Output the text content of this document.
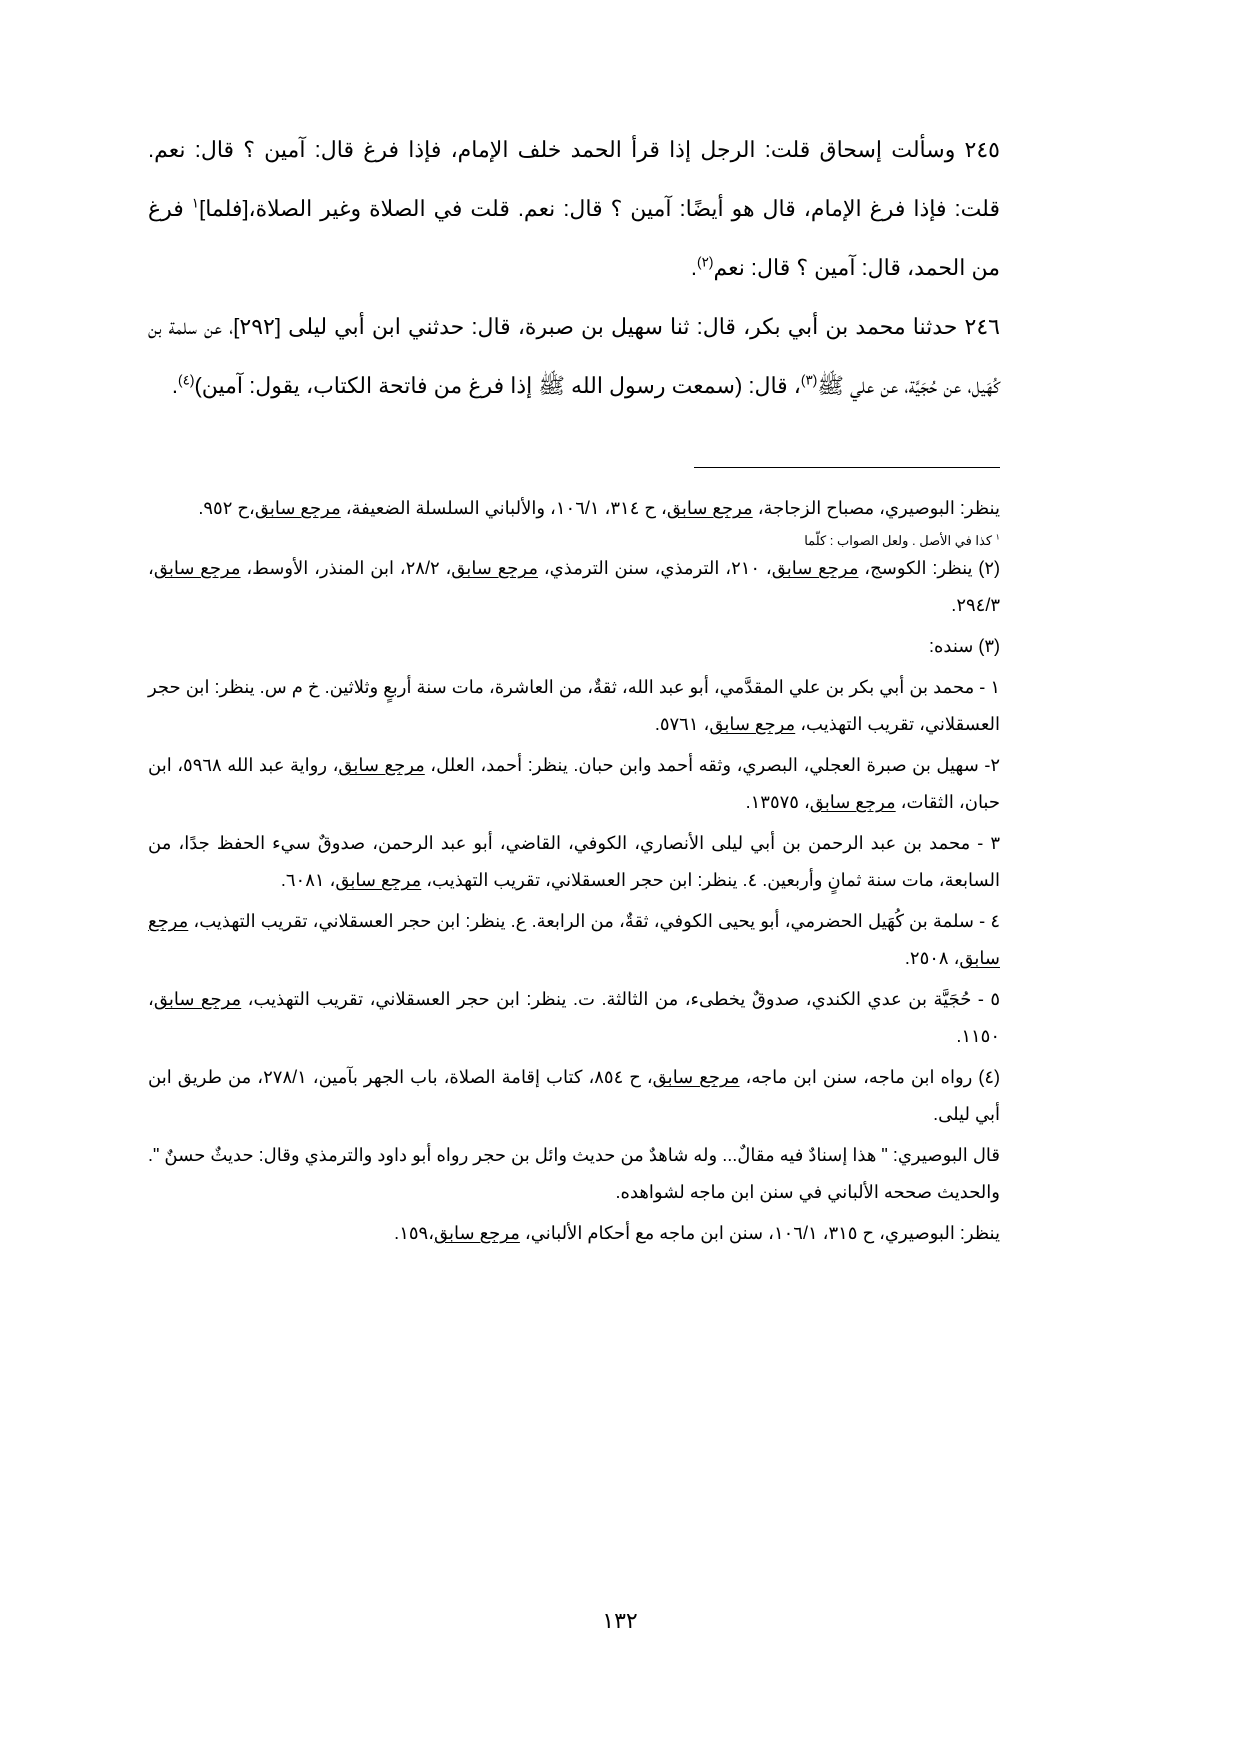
٢٤٥ وسألت إسحاق قلت: الرجل إذا قرأ الحمد خلف الإمام، فإذا فرغ قال: آمين ؟ قال: نعم. قلت: فإذا فرغ الإمام، قال هو أيضًا: آمين ؟ قال: نعم. قلت في الصلاة وغير الصلاة،[فلما]$^١$ فرغ من الحمد، قال: آمين ؟ قال: نعم$^{(٢)}$.

٢٤٦ حدثنا محمد بن أبي بكر، قال: ثنا سهيل بن صبرة، قال: حدثني ابن أبي ليلى [٢٩٢]، عن سلمة بن كُهَيل، عن حُجَيَّة، عن علي ﷺ$^{(٣)}$، قال: (سمعت رسول الله ﷺ إذا فرغ من فاتحة الكتاب، يقول: آمين)$^{(٤)}$.

ينظر: البوصيري، مصباح الزجاجة، مرجع سابق، ح ٣١٤، ١٠٦/١، والألباني السلسلة الضعيفة، مرجع سابق،ح ٩٥٢.

$^١$ كذا في الأصل . ولعل الصواب : كلّما

(٢) ينظر: الكوسج، مرجع سابق، ٢١٠، الترمذي، سنن الترمذي، مرجع سابق، ٢٨/٢، ابن المنذر، الأوسط، مرجع سابق، ٢٩٤/٣.

(٣) سنده:

١ - محمد بن أبي بكر بن علي المقدَّمي، أبو عبد الله، ثقةٌ، من العاشرة، مات سنة أربعٍ وثلاثين. خ م س. ينظر: ابن حجر العسقلاني، تقريب التهذيب، مرجع سابق، ٥٧٦١.

٢- سهيل بن صبرة العجلي، البصري، وثقه أحمد وابن حبان. ينظر: أحمد، العلل، مرجع سابق، رواية عبد الله ٥٩٦٨، ابن حبان، الثقات، مرجع سابق، ١٣٥٧٥.

٣ - محمد بن عبد الرحمن بن أبي ليلى الأنصاري، الكوفي، القاضي، أبو عبد الرحمن، صدوقٌ سيء الحفظ جدًا، من السابعة، مات سنة ثمانٍ وأربعين. ٤. ينظر: ابن حجر العسقلاني، تقريب التهذيب، مرجع سابق، ٦٠٨١.

٤ - سلمة بن كُهَيل الحضرمي، أبو يحيى الكوفي، ثقةٌ، من الرابعة. ع. ينظر: ابن حجر العسقلاني، تقريب التهذيب، مرجع سابق، ٢٥٠٨.

٥ - حُجَيَّة بن عدي الكندي، صدوقٌ يخطىء، من الثالثة. ت. ينظر: ابن حجر العسقلاني، تقريب التهذيب، مرجع سابق، ١١٥٠.

(٤) رواه ابن ماجه، سنن ابن ماجه، مرجع سابق، ح ٨٥٤، كتاب إقامة الصلاة، باب الجهر بآمين، ٢٧٨/١، من طريق ابن أبي ليلى.

قال البوصيري: " هذا إسنادٌ فيه مقالٌ... وله شاهدٌ من حديث وائل بن حجر رواه أبو داود والترمذي وقال: حديثٌ حسنٌ ". والحديث صححه الألباني في سنن ابن ماجه لشواهده.

ينظر: البوصيري، ح ٣١٥، ١٠٦/١، سنن ابن ماجه مع أحكام الألباني، مرجع سابق،١٥٩.

١٣٢
